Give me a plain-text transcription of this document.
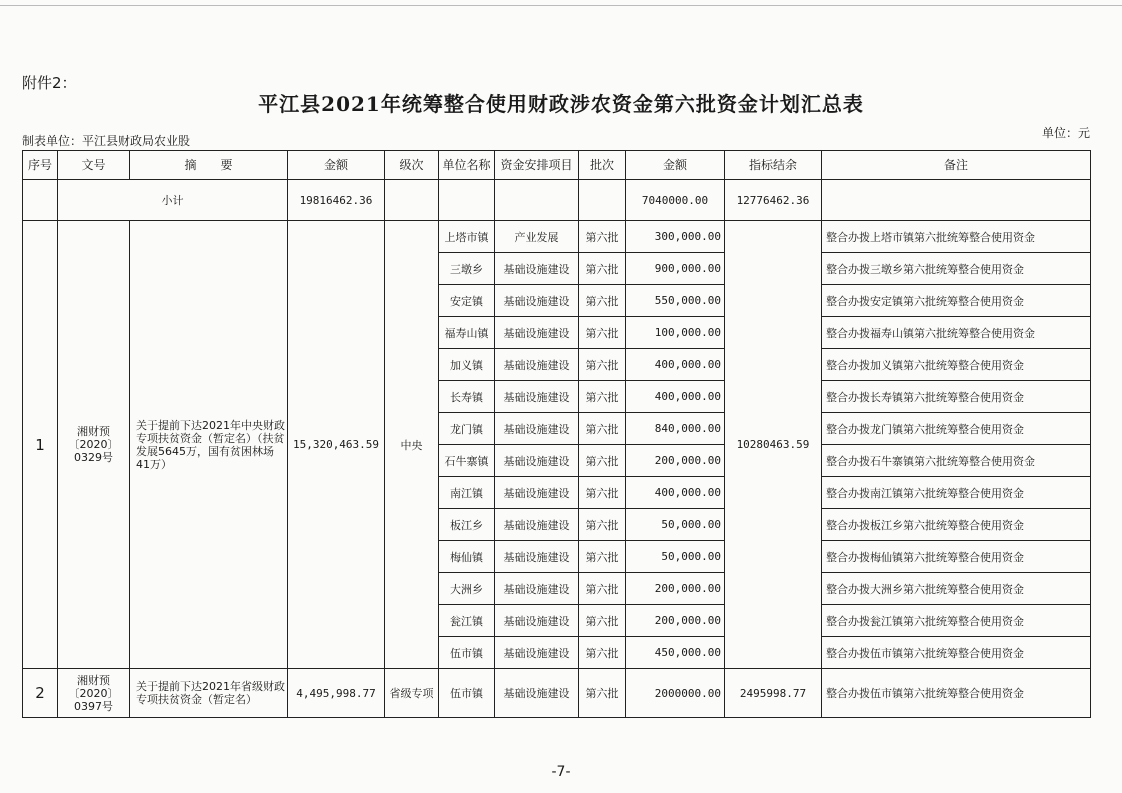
附件2：
平江县2021年统筹整合使用财政涉农资金第六批资金计划汇总表
制表单位：平江县财政局农业股
单位：元
序号	文号	摘　　要	金额	级次	单位名称	资金安排项目	批次	金额	指标结余	备注
	小计		19816462.36					7040000.00	12776462.36	
1	湘财预〔2020〕0329号	关于提前下达2021年中央财政专项扶贫资金（暂定名）（扶贫发展5645万，国有贫困林场41万）	15,320,463.59	中央	上塔市镇	产业发展	第六批	300,000.00	10280463.59	整合办拨上塔市镇第六批统筹整合使用资金
					三墩乡	基础设施建设	第六批	900,000.00		整合办拨三墩乡第六批统筹整合使用资金
					安定镇	基础设施建设	第六批	550,000.00		整合办拨安定镇第六批统筹整合使用资金
					福寿山镇	基础设施建设	第六批	100,000.00		整合办拨福寿山镇第六批统筹整合使用资金
					加义镇	基础设施建设	第六批	400,000.00		整合办拨加义镇第六批统筹整合使用资金
					长寿镇	基础设施建设	第六批	400,000.00		整合办拨长寿镇第六批统筹整合使用资金
					龙门镇	基础设施建设	第六批	840,000.00		整合办拨龙门镇第六批统筹整合使用资金
					石牛寨镇	基础设施建设	第六批	200,000.00		整合办拨石牛寨镇第六批统筹整合使用资金
					南江镇	基础设施建设	第六批	400,000.00		整合办拨南江镇第六批统筹整合使用资金
					板江乡	基础设施建设	第六批	50,000.00		整合办拨板江乡第六批统筹整合使用资金
					梅仙镇	基础设施建设	第六批	50,000.00		整合办拨梅仙镇第六批统筹整合使用资金
					大洲乡	基础设施建设	第六批	200,000.00		整合办拨大洲乡第六批统筹整合使用资金
					瓮江镇	基础设施建设	第六批	200,000.00		整合办拨瓮江镇第六批统筹整合使用资金
					伍市镇	基础设施建设	第六批	450,000.00		整合办拨伍市镇第六批统筹整合使用资金
2	湘财预〔2020〕0397号	关于提前下达2021年省级财政专项扶贫资金（暂定名）	4,495,998.77	省级专项	伍市镇	基础设施建设	第六批	2000000.00	2495998.77	整合办拨伍市镇第六批统筹整合使用资金
-7-
